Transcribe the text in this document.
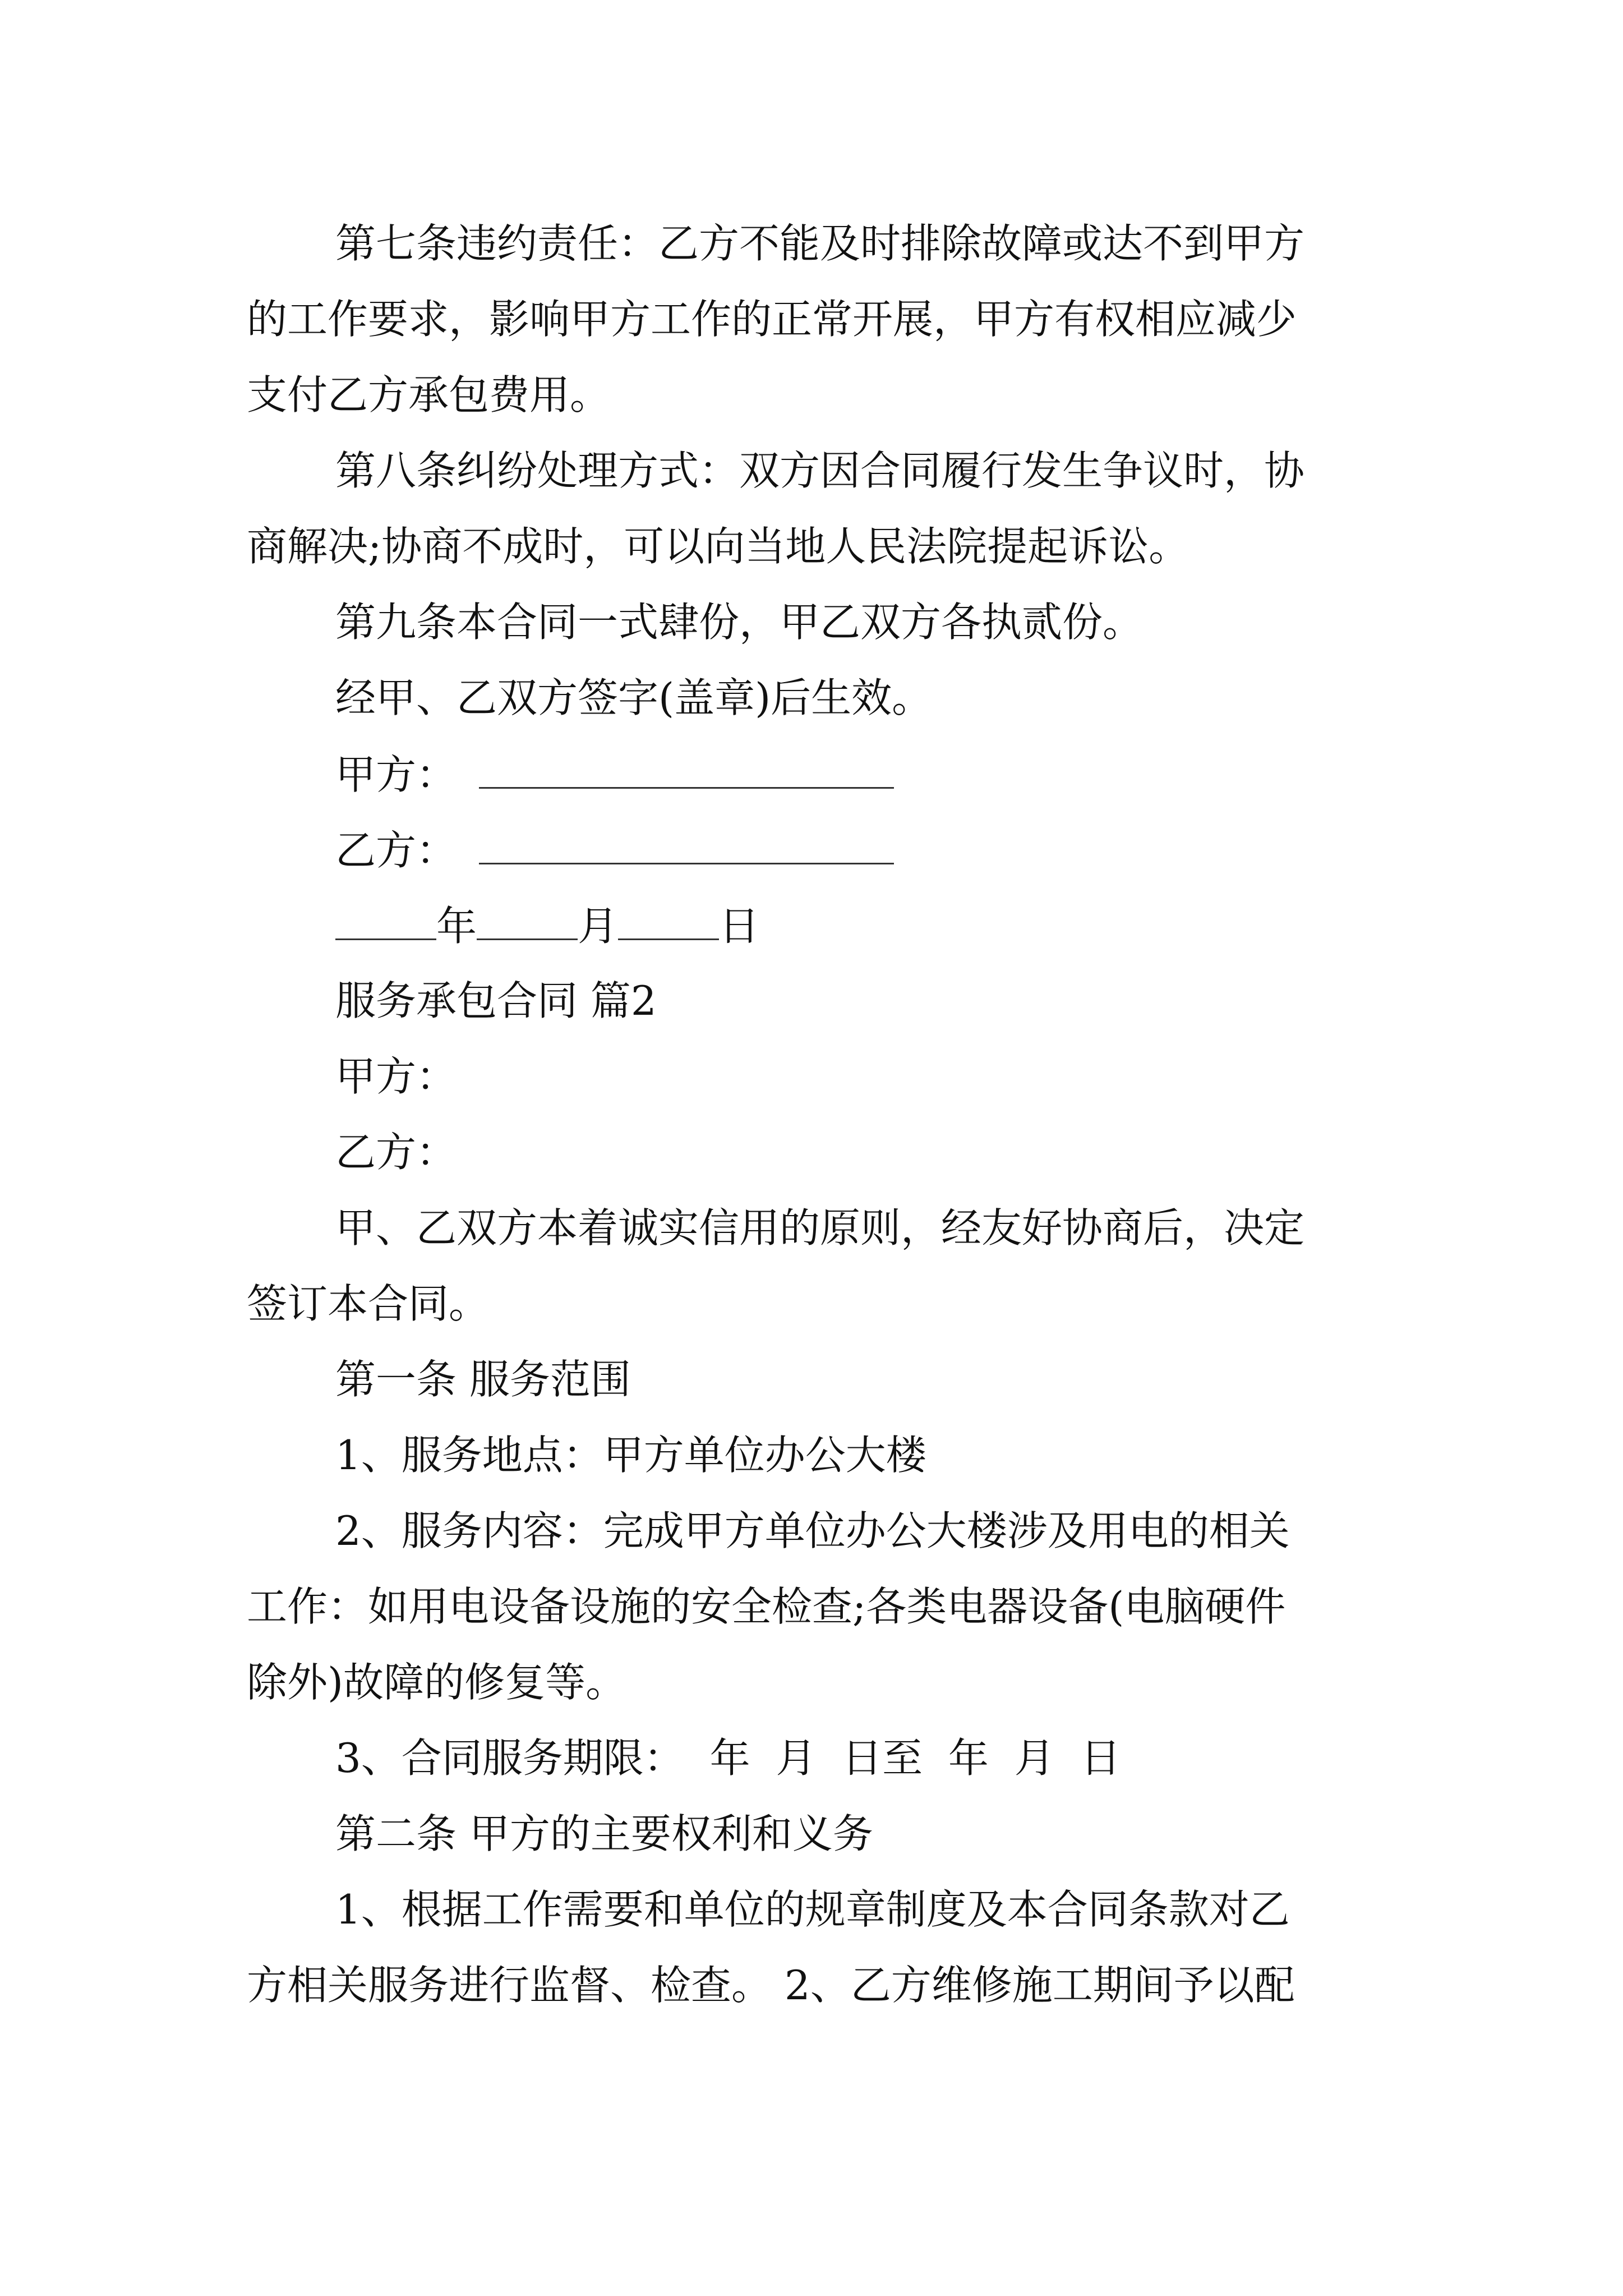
第七条违约责任：乙方不能及时排除故障或达不到甲方
的工作要求，影响甲方工作的正常开展，甲方有权相应减少
支付乙方承包费用。
第八条纠纷处理方式：双方因合同履行发生争议时，协
商解决;协商不成时，可以向当地人民法院提起诉讼。
第九条本合同一式肆份，甲乙双方各执贰份。
经甲、乙双方签字(盖章)后生效。
甲方：
乙方：
年	月	日
服务承包合同 篇2
甲方：
乙方：
甲、乙双方本着诚实信用的原则，经友好协商后，决定
签订本合同。
第一条 服务范围
1、服务地点：甲方单位办公大楼
2、服务内容：完成甲方单位办公大楼涉及用电的相关
工作：如用电设备设施的安全检查;各类电器设备(电脑硬件
除外)故障的修复等。
3、合同服务期限：  年  月  日至  年  月  日
第二条 甲方的主要权利和义务
1、根据工作需要和单位的规章制度及本合同条款对乙
方相关服务进行监督、检查。 2、乙方维修施工期间予以配
